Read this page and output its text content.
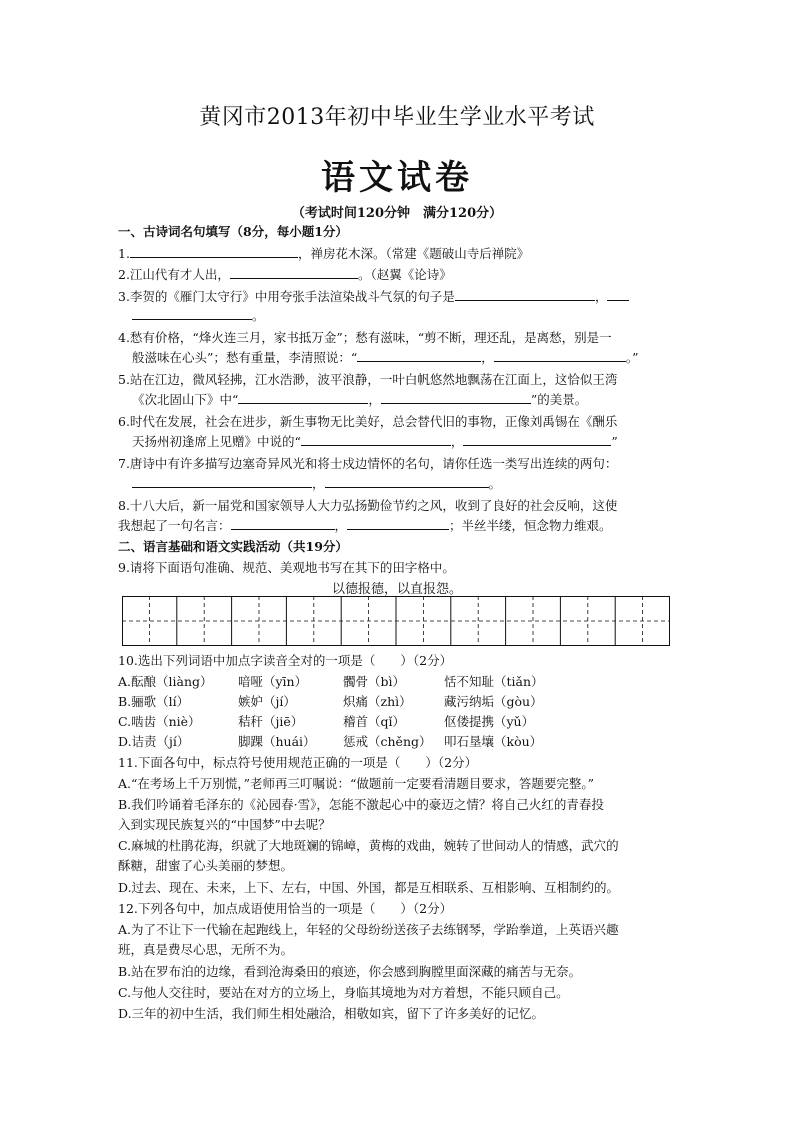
黄冈市2013年初中毕业生学业水平考试
语文试卷
（考试时间120分钟　满分120分）
一、古诗词名句填写（8分，每小题1分）
1.	，禅房花木深。（常建《题破山寺后禅院》
2.江山代有才人出，	。（赵翼《论诗》
3.李贺的《雁门太守行》中用夸张手法渲染战斗气氛的句子是	，
。
4.愁有价格，“烽火连三月，家书抵万金”；愁有滋味，“剪不断，理还乱，是离愁，别是一
般滋味在心头”；愁有重量，李清照说：“	，	。”
5.站在江边，微风轻拂，江水浩渺，波平浪静，一叶白帆悠然地飘荡在江面上，这恰似王湾
《次北固山下》中“	，	”的美景。
6.时代在发展，社会在进步，新生事物无比美好，总会替代旧的事物，正像刘禹锡在《酬乐
天扬州初逢席上见赠》中说的“	，	”
7.唐诗中有许多描写边塞奇异风光和将士戍边情怀的名句，请你任选一类写出连续的两句：
，	。
8.十八大后，新一届党和国家领导人大力弘扬勤俭节约之风，收到了良好的社会反响，这使
我想起了一句名言：	，	；半丝半缕，恒念物力维艰。
二、语言基础和语文实践活动（共19分）
9.请将下面语句准确、规范、美观地书写在其下的田字格中。
以德报德，以直报怨。
10.选出下列词语中加点字读音全对的一项是（　　）（2分）
A.酝酿（liàng） 喑哑（yīn）	髑骨（bì）	恬不知耻（tiǎn）
B.骊歌（lí）	嫉妒（jí）	炽痛（zhì）	藏污纳垢（gòu）
C.啮齿（niè）	秸秆（jiē）	稽首（qǐ）	伛偻提携（yǔ）
D.诘责（jí）	脚踝（huái） 惩戒（chěng） 叩石垦壤（kòu）
11.下面各句中，标点符号使用规范正确的一项是（　　）（2分）
A.“在考场上千万别慌，”老师再三叮嘱说：“做题前一定要看清题目要求，答题要完整。”
B.我们吟诵着毛泽东的《沁园春·雪》，怎能不激起心中的豪迈之情？将自己火红的青春投
入到实现民族复兴的“中国梦”中去呢？
C.麻城的杜鹃花海，织就了大地斑斓的锦嶂，黄梅的戏曲，婉转了世间动人的情感，武穴的
酥糖，甜蜜了心头美丽的梦想。
D.过去、现在、未来，上下、左右，中国、外国，都是互相联系、互相影响、互相制约的。
12.下列各句中，加点成语使用恰当的一项是（　　）（2分）
A.为了不让下一代输在起跑线上，年轻的父母纷纷送孩子去练钢琴，学跆拳道，上英语兴趣
班，真是费尽心思，无所不为。
B.站在罗布泊的边缘，看到沧海桑田的痕迹，你会感到胸膛里面深藏的痛苦与无奈。
C.与他人交往时，要站在对方的立场上，身临其境地为对方着想，不能只顾自己。
D.三年的初中生活，我们师生相处融洽，相敬如宾，留下了许多美好的记忆。
